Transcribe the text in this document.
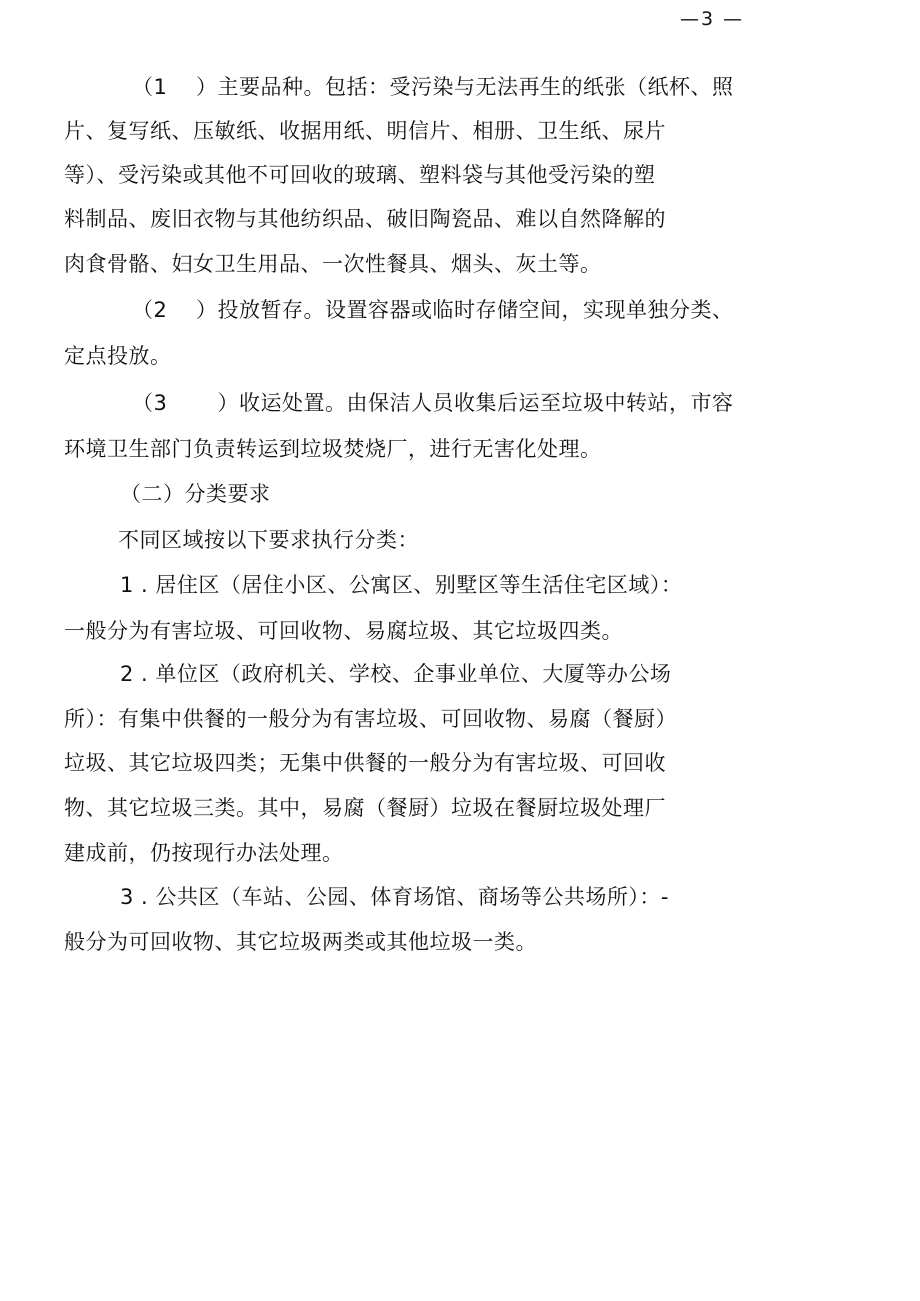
—3 —
（1　 ）主要品种。包括：受污染与无法再生的纸张（纸杯、照
片、复写纸、压敏纸、收据用纸、明信片、相册、卫生纸、尿片
等）、受污染或其他不可回收的玻璃、塑料袋与其他受污染的塑
料制品、废旧衣物与其他纺织品、破旧陶瓷品、难以自然降解的
肉食骨骼、妇女卫生用品、一次性餐具、烟头、灰土等。
（2　 ）投放暂存。设置容器或临时存储空间，实现单独分类、
定点投放。
（3　　 ）收运处置。由保洁人员收集后运至垃圾中转站，市容
环境卫生部门负责转运到垃圾焚烧厂，进行无害化处理。
（二）分类要求
不同区域按以下要求执行分类：
1 . 居住区（居住小区、公寓区、别墅区等生活住宅区域）：
一般分为有害垃圾、可回收物、易腐垃圾、其它垃圾四类。
2 . 单位区（政府机关、学校、企事业单位、大厦等办公场
所）：有集中供餐的一般分为有害垃圾、可回收物、易腐（餐厨）
垃圾、其它垃圾四类；无集中供餐的一般分为有害垃圾、可回收
物、其它垃圾三类。其中，易腐（餐厨）垃圾在餐厨垃圾处理厂
建成前，仍按现行办法处理。
3 . 公共区（车站、公园、体育场馆、商场等公共场所）：-
般分为可回收物、其它垃圾两类或其他垃圾一类。
